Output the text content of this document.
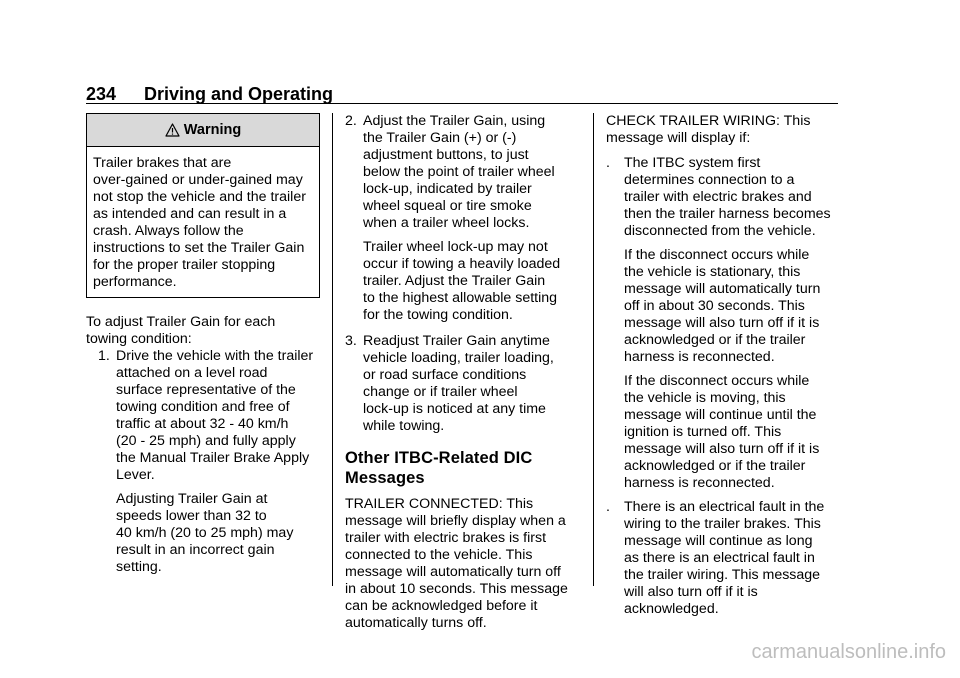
234 Driving and Operating
Warning
Trailer brakes that are
over-gained or under-gained may
not stop the vehicle and the trailer
as intended and can result in a
crash. Always follow the
instructions to set the Trailer Gain
for the proper trailer stopping
performance.
To adjust Trailer Gain for each
towing condition:
1. Drive the vehicle with the trailer
attached on a level road
surface representative of the
towing condition and free of
traffic at about 32 - 40 km/h
(20 - 25 mph) and fully apply
the Manual Trailer Brake Apply
Lever.
Adjusting Trailer Gain at
speeds lower than 32 to
40 km/h (20 to 25 mph) may
result in an incorrect gain
setting.
2. Adjust the Trailer Gain, using
the Trailer Gain (+) or (-)
adjustment buttons, to just
below the point of trailer wheel
lock-up, indicated by trailer
wheel squeal or tire smoke
when a trailer wheel locks.
Trailer wheel lock-up may not
occur if towing a heavily loaded
trailer. Adjust the Trailer Gain
to the highest allowable setting
for the towing condition.
3. Readjust Trailer Gain anytime
vehicle loading, trailer loading,
or road surface conditions
change or if trailer wheel
lock-up is noticed at any time
while towing.
Other ITBC-Related DIC
Messages
TRAILER CONNECTED: This
message will briefly display when a
trailer with electric brakes is first
connected to the vehicle. This
message will automatically turn off
in about 10 seconds. This message
can be acknowledged before it
automatically turns off.
CHECK TRAILER WIRING: This
message will display if:
. The ITBC system first
determines connection to a
trailer with electric brakes and
then the trailer harness becomes
disconnected from the vehicle.
If the disconnect occurs while
the vehicle is stationary, this
message will automatically turn
off in about 30 seconds. This
message will also turn off if it is
acknowledged or if the trailer
harness is reconnected.
If the disconnect occurs while
the vehicle is moving, this
message will continue until the
ignition is turned off. This
message will also turn off if it is
acknowledged or if the trailer
harness is reconnected.
. There is an electrical fault in the
wiring to the trailer brakes. This
message will continue as long
as there is an electrical fault in
the trailer wiring. This message
will also turn off if it is
acknowledged.
carmanualsonline.info
